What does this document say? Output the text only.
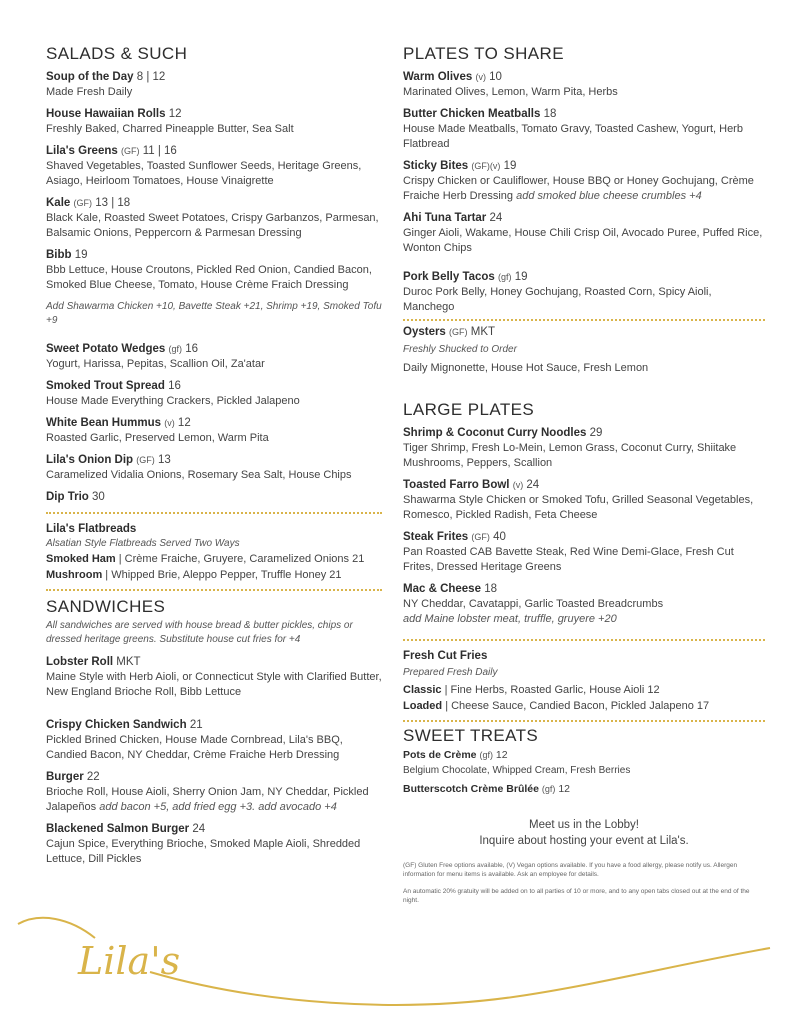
SALADS & SUCH
Soup of the Day 8 | 12
Made Fresh Daily
House Hawaiian Rolls 12
Freshly Baked, Charred Pineapple Butter, Sea Salt
Lila's Greens (GF) 11 | 16
Shaved Vegetables, Toasted Sunflower Seeds, Heritage Greens, Asiago, Heirloom Tomatoes, House Vinaigrette
Kale (GF) 13 | 18
Black Kale, Roasted Sweet Potatoes, Crispy Garbanzos, Parmesan, Balsamic Onions, Peppercorn & Parmesan Dressing
Bibb 19
Bbb Lettuce, House Croutons, Pickled Red Onion, Candied Bacon, Smoked Blue Cheese, Tomato, House Crème Fraich Dressing
Add Shawarma Chicken +10, Bavette Steak +21, Shrimp +19, Smoked Tofu +9
Sweet Potato Wedges (gf) 16
Yogurt, Harissa, Pepitas, Scallion Oil, Za'atar
Smoked Trout Spread 16
House Made Everything Crackers, Pickled Jalapeno
White Bean Hummus (v) 12
Roasted Garlic, Preserved Lemon, Warm Pita
Lila's Onion Dip (GF) 13
Caramelized Vidalia Onions, Rosemary Sea Salt, House Chips
Dip Trio 30
Lila's Flatbreads
Alsatian Style Flatbreads Served Two Ways
Smoked Ham | Crème Fraiche, Gruyere, Caramelized Onions 21
Mushroom | Whipped Brie, Aleppo Pepper, Truffle Honey 21
SANDWICHES
All sandwiches are served with house bread & butter pickles, chips or dressed heritage greens. Substitute house cut fries for +4
Lobster Roll MKT
Maine Style with Herb Aioli, or Connecticut Style with Clarified Butter, New England Brioche Roll, Bibb Lettuce
Crispy Chicken Sandwich 21
Pickled Brined Chicken, House Made Cornbread, Lila's BBQ, Candied Bacon, NY Cheddar, Crème Fraiche Herb Dressing
Burger 22
Brioche Roll, House Aioli, Sherry Onion Jam, NY Cheddar, Pickled Jalapeños add bacon +5, add fried egg +3. add avocado +4
Blackened Salmon Burger 24
Cajun Spice, Everything Brioche, Smoked Maple Aioli, Shredded Lettuce, Dill Pickles
PLATES TO SHARE
Warm Olives (v) 10
Marinated Olives, Lemon, Warm Pita, Herbs
Butter Chicken Meatballs 18
House Made Meatballs, Tomato Gravy, Toasted Cashew, Yogurt, Herb Flatbread
Sticky Bites (GF)(v) 19
Crispy Chicken or Cauliflower, House BBQ or Honey Gochujang, Crème Fraiche Herb Dressing add smoked blue cheese crumbles +4
Ahi Tuna Tartar 24
Ginger Aioli, Wakame, House Chili Crisp Oil, Avocado Puree, Puffed Rice, Wonton Chips
Pork Belly Tacos (gf) 19
Duroc Pork Belly, Honey Gochujang, Roasted Corn, Spicy Aioli, Manchego
Oysters (GF) MKT
Freshly Shucked to Order
Daily Mignonette, House Hot Sauce, Fresh Lemon
LARGE PLATES
Shrimp & Coconut Curry Noodles 29
Tiger Shrimp, Fresh Lo-Mein, Lemon Grass, Coconut Curry, Shiitake Mushrooms, Peppers, Scallion
Toasted Farro Bowl (v) 24
Shawarma Style Chicken or Smoked Tofu, Grilled Seasonal Vegetables, Romesco, Pickled Radish, Feta Cheese
Steak Frites (GF) 40
Pan Roasted CAB Bavette Steak, Red Wine Demi-Glace, Fresh Cut Frites, Dressed Heritage Greens
Mac & Cheese 18
NY Cheddar, Cavatappi, Garlic Toasted Breadcrumbs
add Maine lobster meat, truffle, gruyere +20
Fresh Cut Fries
Prepared Fresh Daily
Classic | Fine Herbs, Roasted Garlic, House Aioli 12
Loaded | Cheese Sauce, Candied Bacon, Pickled Jalapeno 17
SWEET TREATS
Pots de Crème (gf) 12
Belgium Chocolate, Whipped Cream, Fresh Berries
Butterscotch Crème Brûlée (gf) 12
Meet us in the Lobby!
Inquire about hosting your event at Lila's.
(GF) Gluten Free options available, (V) Vegan options available. If you have a food allergy, please notify us. Allergen information for menu items is available. Ask an employee for details.
An automatic 20% gratuity will be added on to all parties of 10 or more, and to any open tabs closed out at the end of the night.
Lila's
